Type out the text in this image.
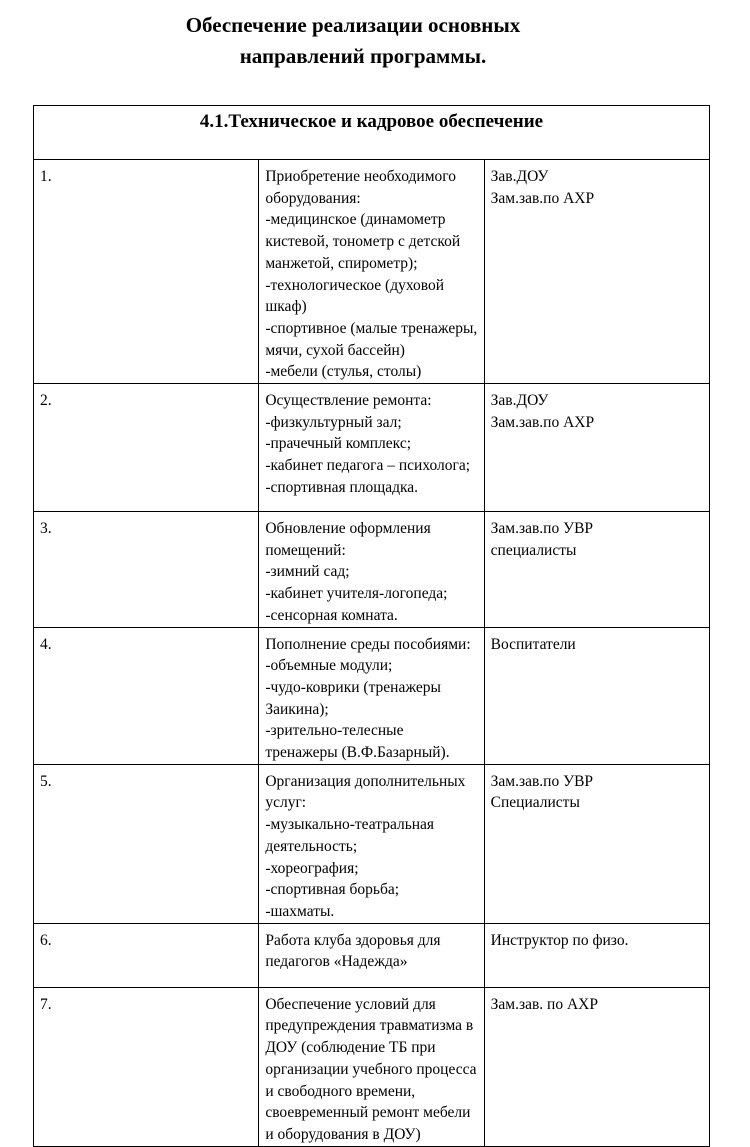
Обеспечение реализации основных
направлений программы.
4.1.Техническое и кадровое обеспечение		
1.	Приобретение необходимого оборудования:
-медицинское (динамометр кистевой, тонометр с детской манжетой, спирометр);
-технологическое (духовой шкаф)
-спортивное (малые тренажеры, мячи, сухой бассейн)
-мебели (стулья, столы)	Зав.ДОУ
Зам.зав.по АХР

2.	Осуществление ремонта:
-физкультурный зал;
-прачечный комплекс;
-кабинет педагога – психолога;
-спортивная площадка.	Зав.ДОУ
Зам.зав.по АХР

3.	Обновление оформления помещений:
-зимний сад;
-кабинет учителя-логопеда;
-сенсорная комната.	Зам.зав.по УВР
специалисты

4.	Пополнение среды пособиями:
-объемные модули;
-чудо-коврики (тренажеры Заикина);
-зрительно-телесные тренажеры (В.Ф.Базарный).	Воспитатели

5.	Организация дополнительных услуг:
-музыкально-театральная деятельность;
-хореография;
-спортивная борьба;
-шахматы.	Зам.зав.по УВР
Специалисты

6.	Работа клуба здоровья для педагогов «Надежда»	Инструктор по физо.

7.	Обеспечение условий для предупреждения травматизма в ДОУ (соблюдение ТБ при организации учебного процесса и свободного времени, своевременный ремонт мебели и оборудования в ДОУ)	Зам.зав. по АХР
